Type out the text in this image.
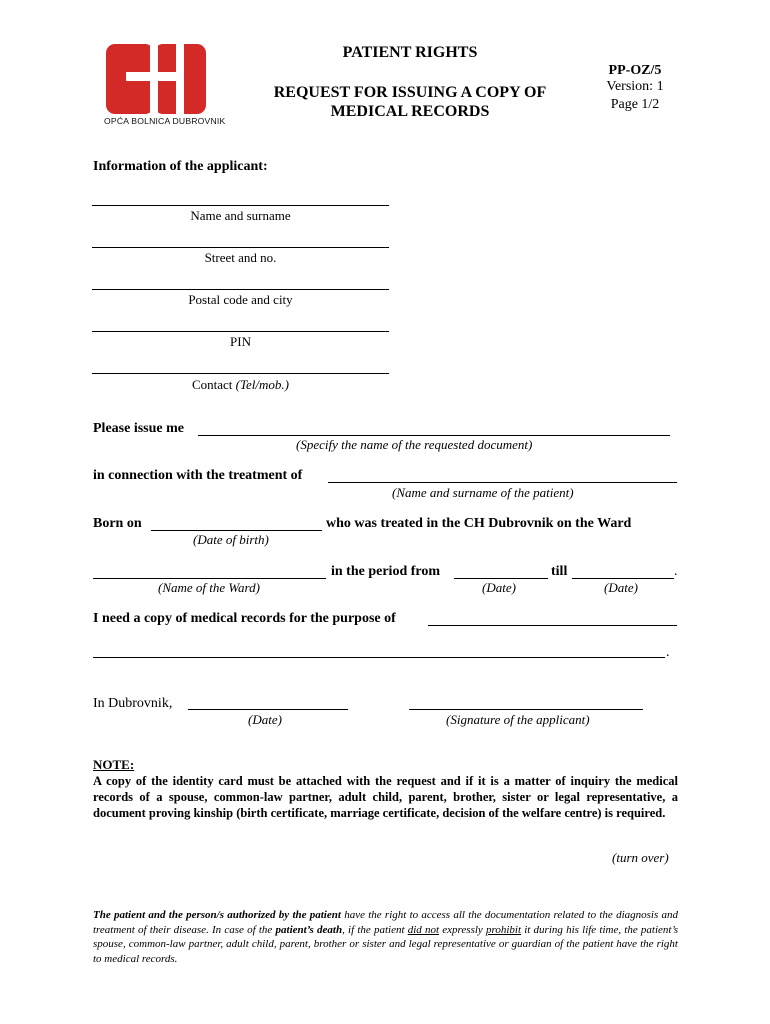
OPĆA BOLNICA DUBROVNIK
PATIENT RIGHTS
REQUEST FOR ISSUING A COPY OF
MEDICAL RECORDS
PP-OZ/5
Version: 1
Page 1/2
Information of the applicant:
Name and surname
Street and no.
Postal code and city
PIN
Contact (Tel/mob.)
Please issue me
(Specify the name of the requested document)
in connection with the treatment of
(Name and surname of the patient)
Born on	who was treated in the CH Dubrovnik on the Ward
(Date of birth)
in the period from	till	.
(Name of the Ward)	(Date)	(Date)
I need a copy of medical records for the purpose of
.
In Dubrovnik,
(Date)	(Signature of the applicant)
NOTE:
A copy of the identity card must be attached with the request and if it is a matter of inquiry the medical records of a spouse, common-law partner, adult child, parent, brother, sister or legal representative, a document proving kinship (birth certificate, marriage certificate, decision of the welfare centre) is required.
(turn over)
The patient and the person/s authorized by the patient have the right to access all the documentation related to the diagnosis and treatment of their disease. In case of the patient’s death, if the patient did not expressly prohibit it during his life time, the patient’s spouse, common-law partner, adult child, parent, brother or sister and legal representative or guardian of the patient have the right to medical records.
